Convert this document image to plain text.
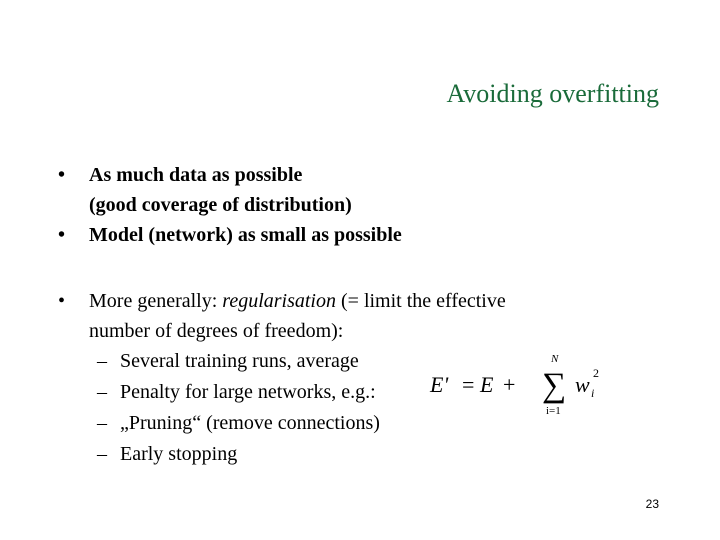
Avoiding overfitting
• As much data as possible
(good coverage of distribution)
• Model (network) as small as possible
• More generally: regularisation (= limit the effective
number of degrees of freedom):
– Several training runs, average
– Penalty for large networks, e.g.:
– „Pruning“ (remove connections)
– Early stopping
E' E
N
w i
2
= + ∑
i=1
23
